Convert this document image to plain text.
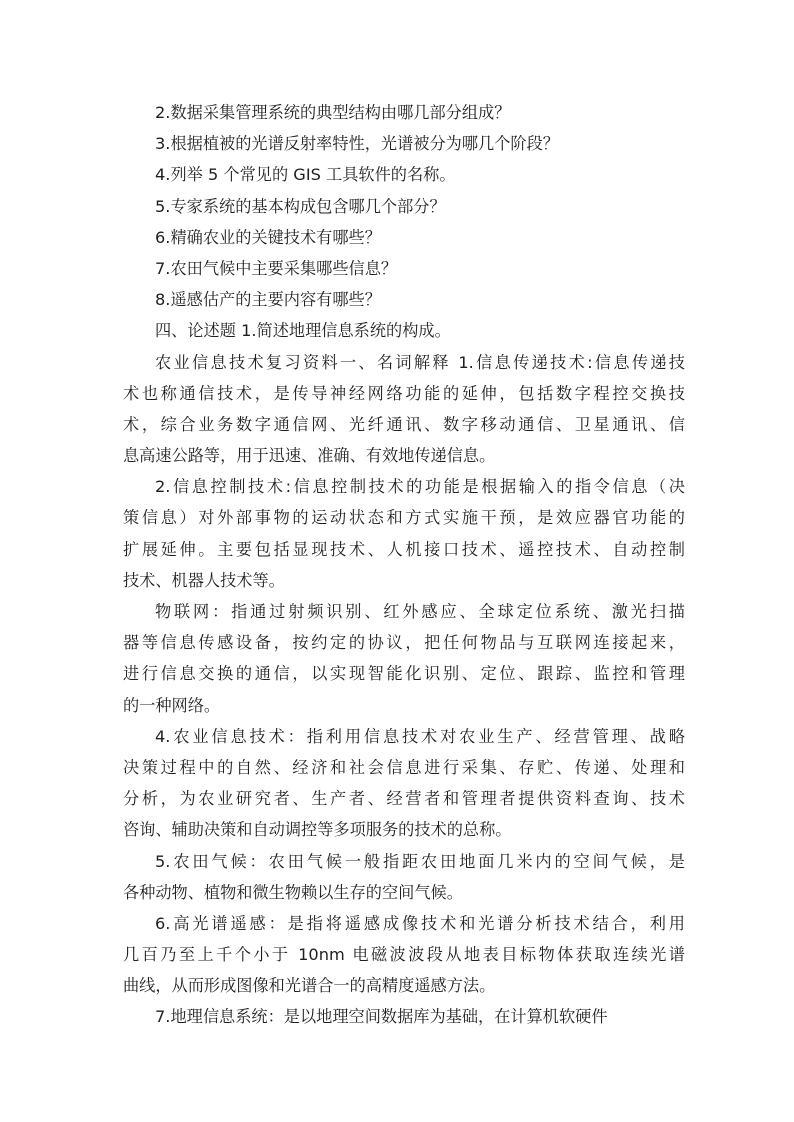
2.数据采集管理系统的典型结构由哪几部分组成？
3.根据植被的光谱反射率特性，光谱被分为哪几个阶段？
4.列举 5 个常见的 GIS 工具软件的名称。
5.专家系统的基本构成包含哪几个部分？
6.精确农业的关键技术有哪些？
7.农田气候中主要采集哪些信息？
8.遥感估产的主要内容有哪些？
四、论述题 1.简述地理信息系统的构成。
农业信息技术复习资料一、名词解释 1.信息传递技术:信息传递技
术也称通信技术，是传导神经网络功能的延伸，包括数字程控交换技
术，综合业务数字通信网、光纤通讯、数字移动通信、卫星通讯、信
息高速公路等，用于迅速、准确、有效地传递信息。
2.信息控制技术:信息控制技术的功能是根据输入的指令信息（决
策信息）对外部事物的运动状态和方式实施干预，是效应器官功能的
扩展延伸。主要包括显现技术、人机接口技术、遥控技术、自动控制
技术、机器人技术等。
物联网：指通过射频识别、红外感应、全球定位系统、激光扫描
器等信息传感设备，按约定的协议，把任何物品与互联网连接起来，
进行信息交换的通信，以实现智能化识别、定位、跟踪、监控和管理
的一种网络。
4.农业信息技术：指利用信息技术对农业生产、经营管理、战略
决策过程中的自然、经济和社会信息进行采集、存贮、传递、处理和
分析，为农业研究者、生产者、经营者和管理者提供资料查询、技术
咨询、辅助决策和自动调控等多项服务的技术的总称。
5.农田气候：农田气候一般指距农田地面几米内的空间气候，是
各种动物、植物和微生物赖以生存的空间气候。
6.高光谱遥感：是指将遥感成像技术和光谱分析技术结合，利用
几百乃至上千个小于 10nm 电磁波波段从地表目标物体获取连续光谱
曲线，从而形成图像和光谱合一的高精度遥感方法。
7.地理信息系统：是以地理空间数据库为基础，在计算机软硬件
